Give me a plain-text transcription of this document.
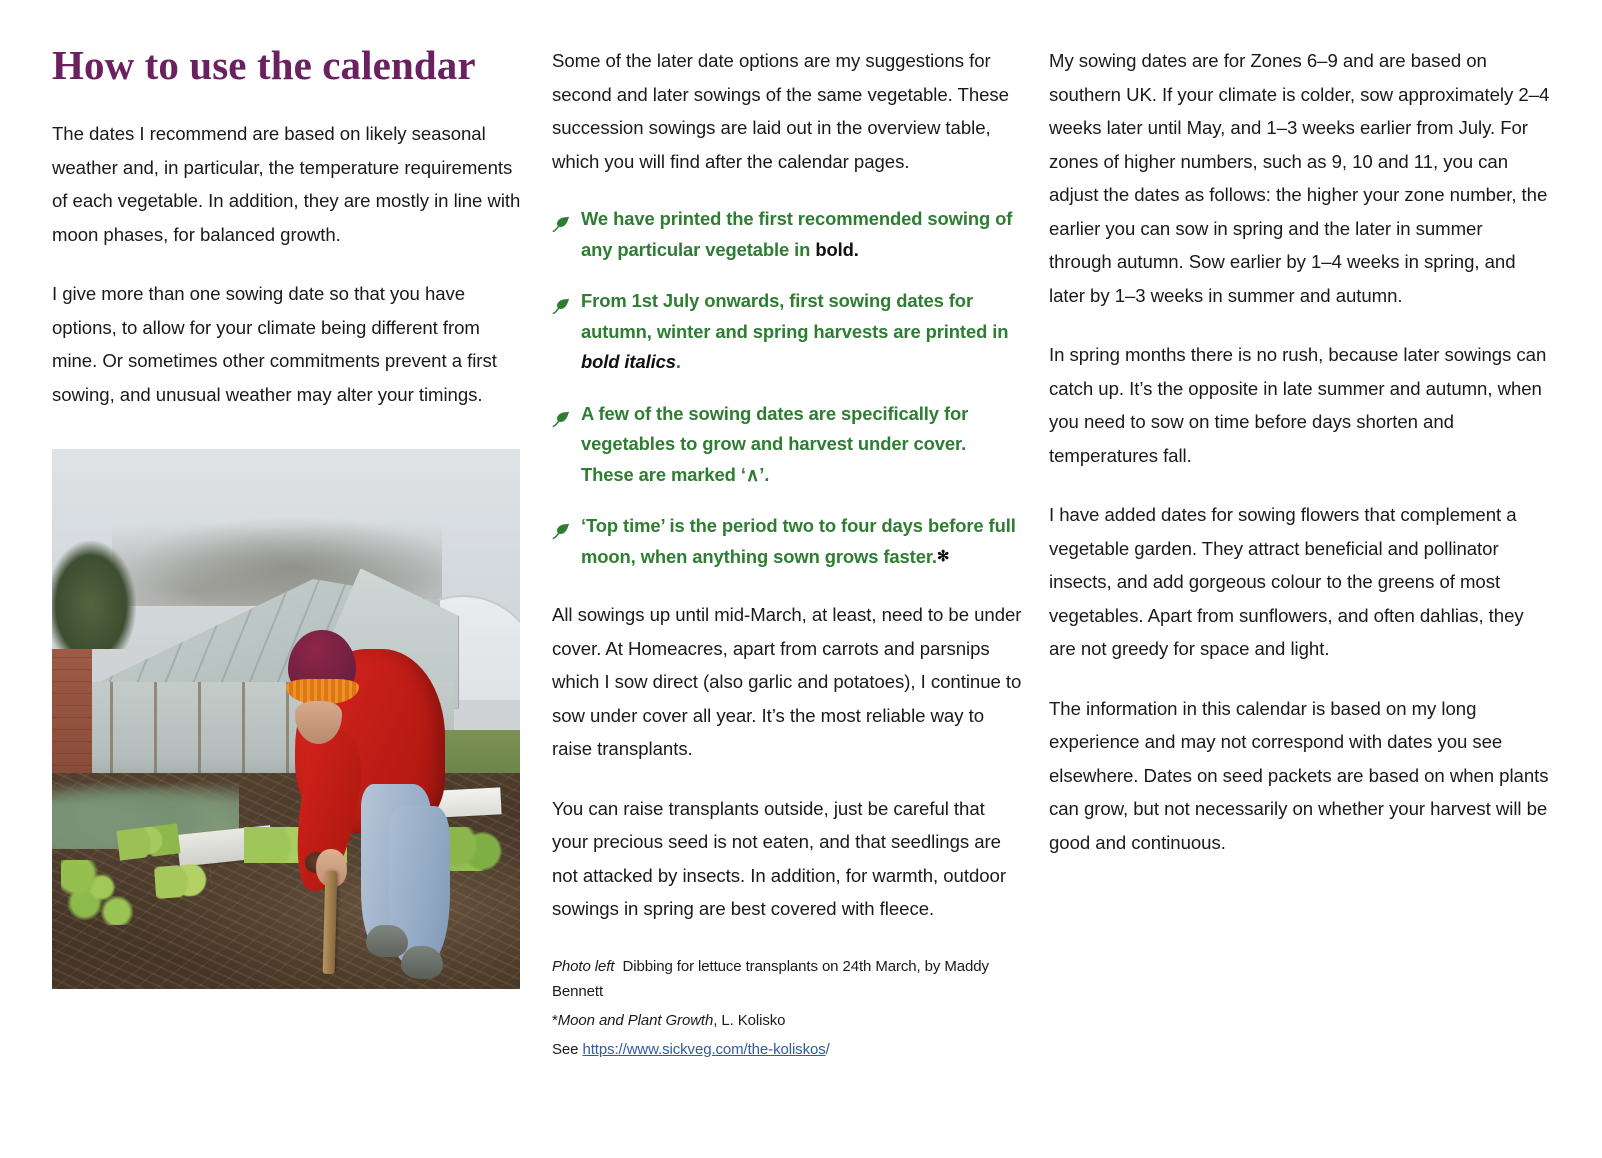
How to use the calendar

The dates I recommend are based on likely seasonal weather and, in particular, the temperature requirements of each vegetable. In addition, they are mostly in line with moon phases, for balanced growth.

I give more than one sowing date so that you have options, to allow for your climate being different from mine. Or sometimes other commitments prevent a first sowing, and unusual weather may alter your timings.

Some of the later date options are my suggestions for second and later sowings of the same vegetable. These succession sowings are laid out in the overview table, which you will find after the calendar pages.

We have printed the first recommended sowing of any particular vegetable in bold.
From 1st July onwards, first sowing dates for autumn, winter and spring harvests are printed in bold italics.
A few of the sowing dates are specifically for vegetables to grow and harvest under cover. These are marked ‘∧’.
‘Top time’ is the period two to four days before full moon, when anything sown grows faster.✻

All sowings up until mid-March, at least, need to be under cover. At Homeacres, apart from carrots and parsnips which I sow direct (also garlic and potatoes), I continue to sow under cover all year. It’s the most reliable way to raise transplants.

You can raise transplants outside, just be careful that your precious seed is not eaten, and that seedlings are not attacked by insects. In addition, for warmth, outdoor sowings in spring are best covered with fleece.

Photo left Dibbing for lettuce transplants on 24th March, by Maddy Bennett

*Moon and Plant Growth, L. Kolisko

See https://www.sickveg.com/the-koliskos/

My sowing dates are for Zones 6–9 and are based on southern UK. If your climate is colder, sow approximately 2–4 weeks later until May, and 1–3 weeks earlier from July. For zones of higher numbers, such as 9, 10 and 11, you can adjust the dates as follows: the higher your zone number, the earlier you can sow in spring and the later in summer through autumn. Sow earlier by 1–4 weeks in spring, and later by 1–3 weeks in summer and autumn.

In spring months there is no rush, because later sowings can catch up. It’s the opposite in late summer and autumn, when you need to sow on time before days shorten and temperatures fall.

I have added dates for sowing flowers that complement a vegetable garden. They attract beneficial and pollinator insects, and add gorgeous colour to the greens of most vegetables. Apart from sunflowers, and often dahlias, they are not greedy for space and light.

The information in this calendar is based on my long experience and may not correspond with dates you see elsewhere. Dates on seed packets are based on when plants can grow, but not necessarily on whether your harvest will be good and continuous.
